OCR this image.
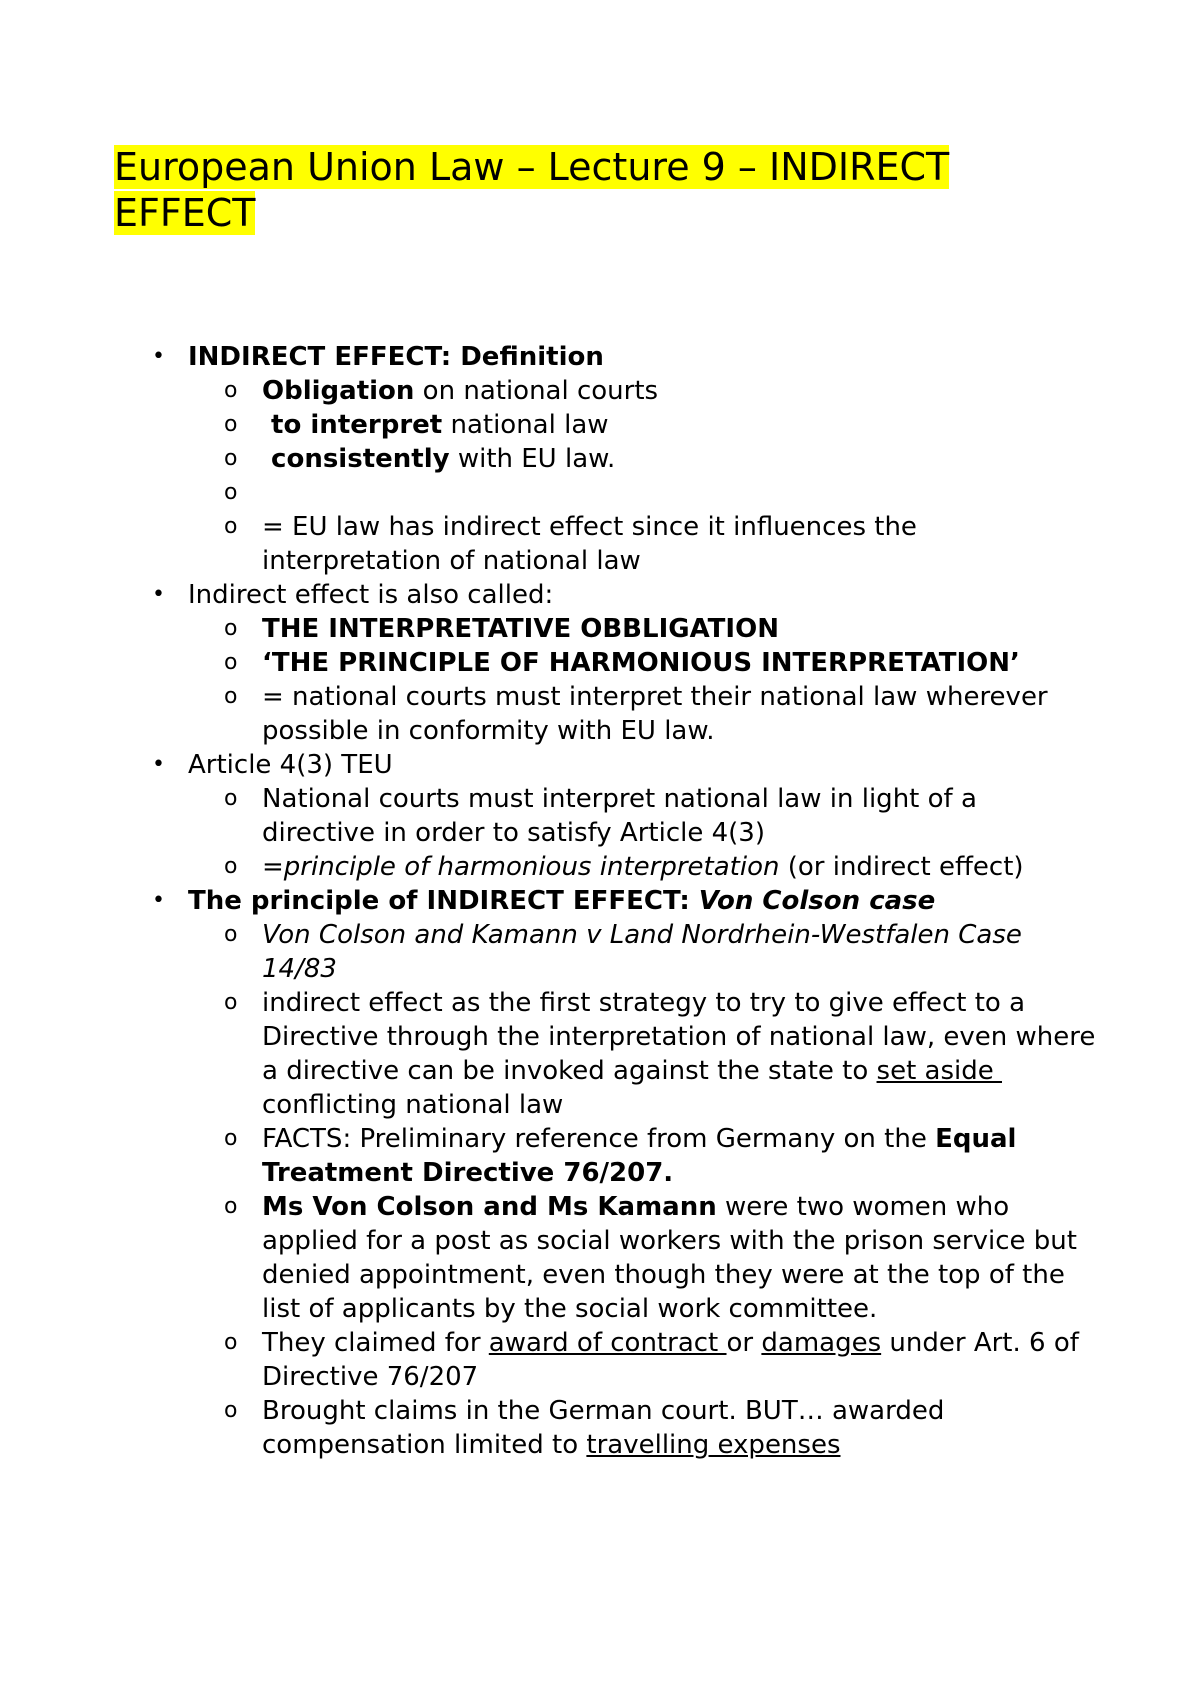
European Union Law – Lecture 9 – INDIRECT
EFFECT
• INDIRECT EFFECT: Definition
o Obligation on national courts
o to interpret national law
o consistently with EU law.
o

o = EU law has indirect effect since it influences the interpretation of national law
• Indirect effect is also called:
o THE INTERPRETATIVE OBBLIGATION
o ‘THE PRINCIPLE OF HARMONIOUS INTERPRETATION’
o = national courts must interpret their national law wherever possible in conformity with EU law.
• Article 4(3) TEU
o National courts must interpret national law in light of a directive in order to satisfy Article 4(3)
o =principle of harmonious interpretation (or indirect effect)
• The principle of INDIRECT EFFECT: Von Colson case
o Von Colson and Kamann v Land Nordrhein-Westfalen Case 14/83
o indirect effect as the first strategy to try to give effect to a Directive through the interpretation of national law, even where a directive can be invoked against the state to set aside conflicting national law
o FACTS: Preliminary reference from Germany on the Equal Treatment Directive 76/207.
o Ms Von Colson and Ms Kamann were two women who applied for a post as social workers with the prison service but denied appointment, even though they were at the top of the list of applicants by the social work committee.
o They claimed for award of contract or damages under Art. 6 of Directive 76/207
o Brought claims in the German court. BUT… awarded compensation limited to travelling expenses
